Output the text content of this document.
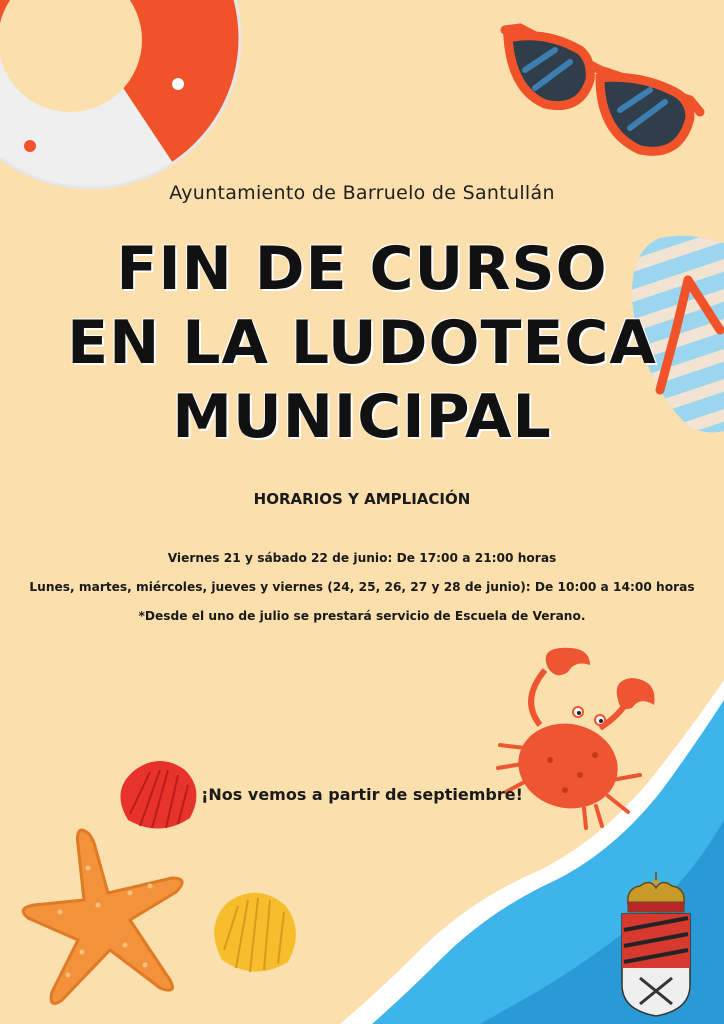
Ayuntamiento de Barruelo de Santullán
FIN DE CURSO
EN LA LUDOTECA
MUNICIPAL
HORARIOS Y AMPLIACIÓN
Viernes 21 y sábado 22 de junio: De 17:00 a 21:00 horas
Lunes, martes, miércoles, jueves y viernes (24, 25, 26, 27 y 28 de junio): De 10:00 a 14:00 horas
*Desde el uno de julio se prestará servicio de Escuela de Verano.
¡Nos vemos a partir de septiembre!
